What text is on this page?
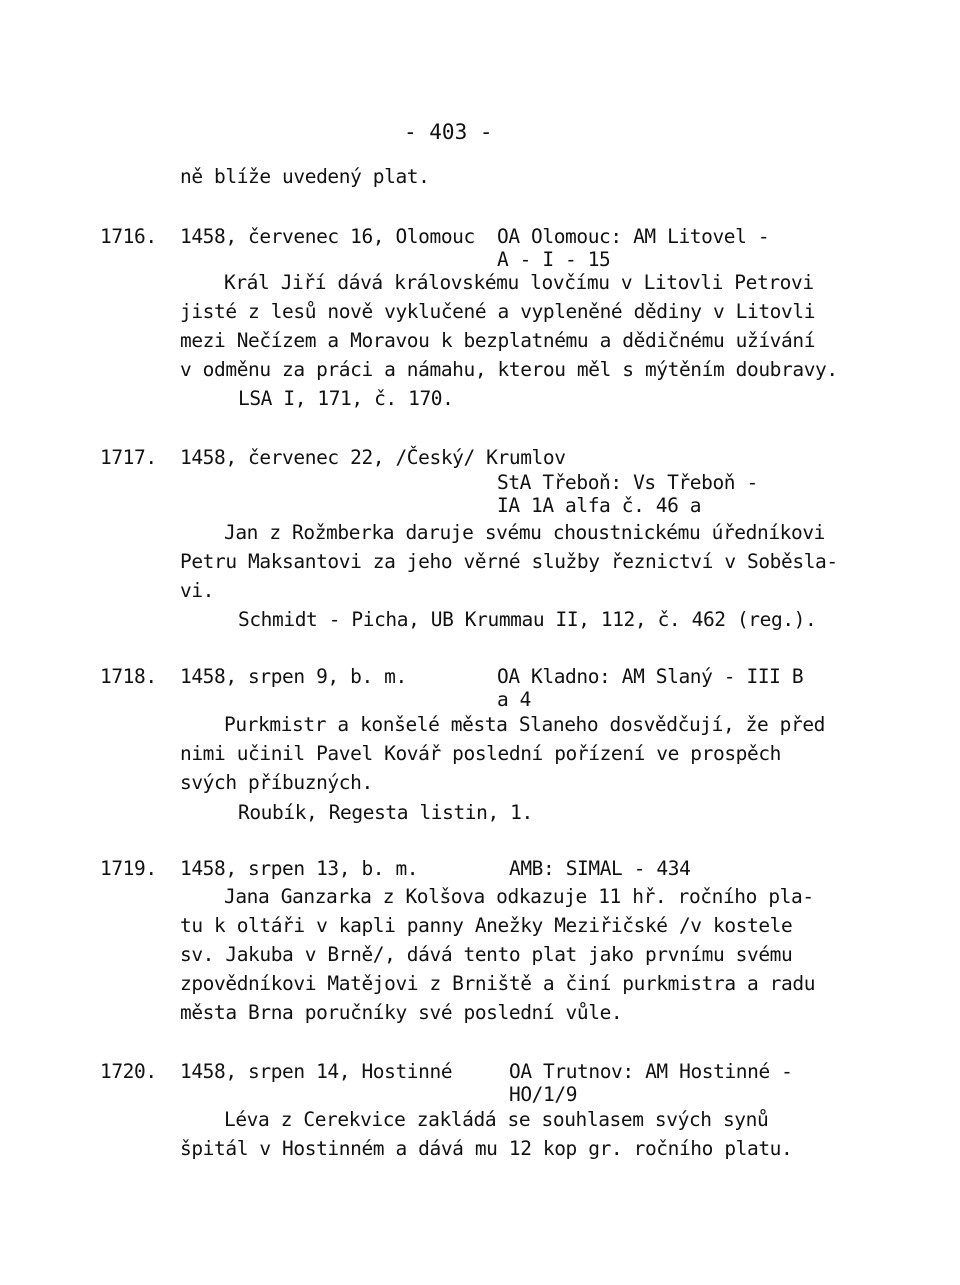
- 403 -
ně blíže uvedený plat.
1716. 1458, červenec 16, Olomouc OA Olomouc: AM Litovel -
A - I - 15
Král Jiří dává královskému lovčímu v Litovli Petrovi
jisté z lesů nově vyklučené a vypleněné dědiny v Litovli
mezi Nečízem a Moravou k bezplatnému a dědičnému užívání
v odměnu za práci a námahu, kterou měl s mýtěním doubravy.
LSA I, 171, č. 170.
1717. 1458, červenec 22, /Český/ Krumlov
StA Třeboň: Vs Třeboň -
IA 1A alfa č. 46 a
Jan z Rožmberka daruje svému choustnickému úředníkovi
Petru Maksantovi za jeho věrné služby řeznictví v Soběsla-
vi.
Schmidt - Picha, UB Krummau II, 112, č. 462 (reg.).
1718. 1458, srpen 9, b. m.	OA Kladno: AM Slaný - III B
a 4
Purkmistr a konšelé města Slaneho dosvědčují, že před
nimi učinil Pavel Kovář poslední pořízení ve prospěch
svých příbuzných.
Roubík, Regesta listin, 1.
1719. 1458, srpen 13, b. m.	AMB: SIMAL - 434
Jana Ganzarka z Kolšova odkazuje 11 hř. ročního pla-
tu k oltáři v kapli panny Anežky Meziřičské /v kostele
sv. Jakuba v Brně/, dává tento plat jako prvnímu svému
zpovědníkovi Matějovi z Brniště a činí purkmistra a radu
města Brna poručníky své poslední vůle.
1720. 1458, srpen 14, Hostinné	OA Trutnov: AM Hostinné -
HO/1/9
Léva z Cerekvice zakládá se souhlasem svých synů
špitál v Hostinném a dává mu 12 kop gr. ročního platu.
